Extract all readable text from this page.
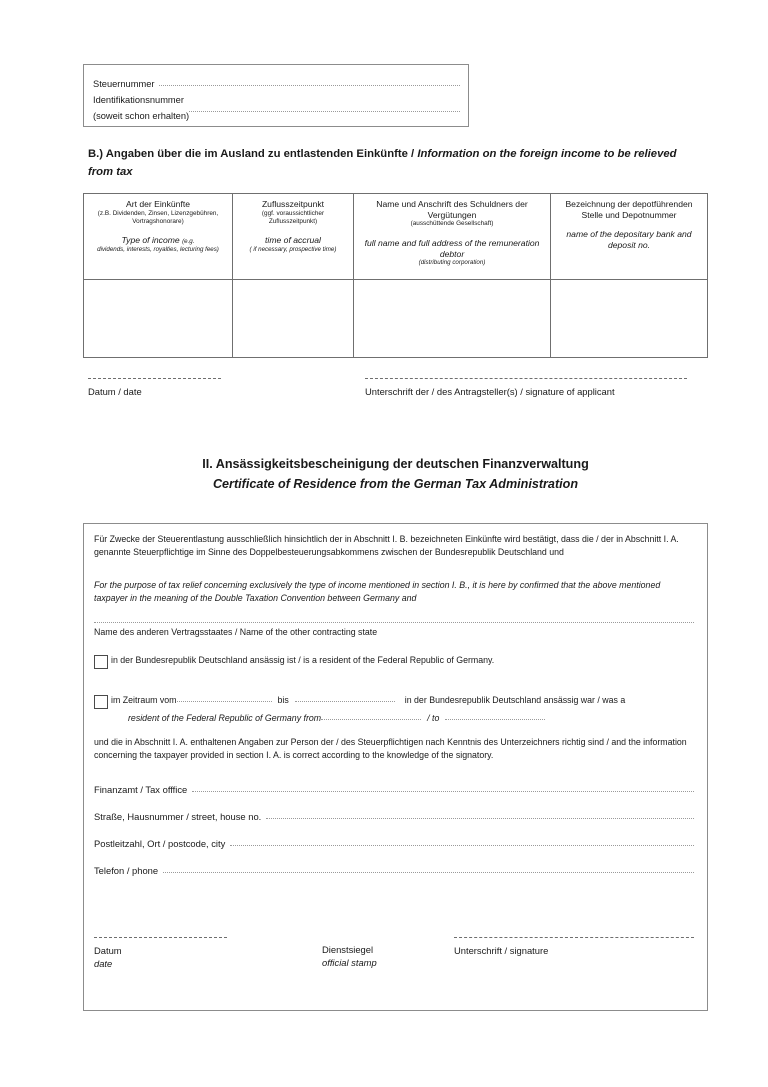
Steuernummer
Identifikationsnummer
(soweit schon erhalten)
B.) Angaben über die im Ausland zu entlastenden Einkünfte / Information on the foreign income to be relieved from tax
Art der Einkünfte
(z.B. Dividenden, Zinsen, Lizenzgebühren, Vortragshonorare)
Type of income (e.g.
dividends, interests, royalties, lecturing fees)

Zuflusszeitpunkt
(ggf. voraussichtlicher Zuflusszeitpunkt)
time of accrual
( if necessary, prospective time)

Name und Anschrift des Schuldners der Vergütungen
(ausschüttende Gesellschaft)
full name and full address of the remuneration debtor
(distributing corporation)

Bezeichnung der depotführenden Stelle und Depotnummer
name of the depositary bank and deposit no.

Datum / date	Unterschrift der / des Antragsteller(s) / signature of applicant
II. Ansässigkeitsbescheinigung der deutschen Finanzverwaltung
Certificate of Residence from the German Tax Administration
Für Zwecke der Steuerentlastung ausschließlich hinsichtlich der in Abschnitt I. B. bezeichneten Einkünfte wird bestätigt, dass die / der in Abschnitt I. A. genannte Steuerpflichtige im Sinne des Doppelbesteuerungsabkommens zwischen der Bundesrepublik Deutschland und
For the purpose of tax relief concerning exclusively the type of income mentioned in section I. B., it is here by confirmed that the above mentioned taxpayer in the meaning of the Double Taxation Convention between Germany and
Name des anderen Vertragsstaates / Name of the other contracting state
in der Bundesrepublik Deutschland ansässig ist / is a resident of the Federal Republic of Germany.
im Zeitraum vom	bis	in der Bundesrepublik Deutschland ansässig war / was a
resident of the Federal Republic of Germany from	/ to
und die in Abschnitt I. A. enthaltenen Angaben zur Person der / des Steuerpflichtigen nach Kenntnis des Unterzeichners richtig sind / and the information concerning the taxpayer provided in section I. A. is correct according to the knowledge of the signatory.
Finanzamt / Tax offfice
Straße, Hausnummer / street, house no.
Postleitzahl, Ort / postcode, city
Telefon / phone
Datum
date
Dienstsiegel
official stamp
Unterschrift / signature
